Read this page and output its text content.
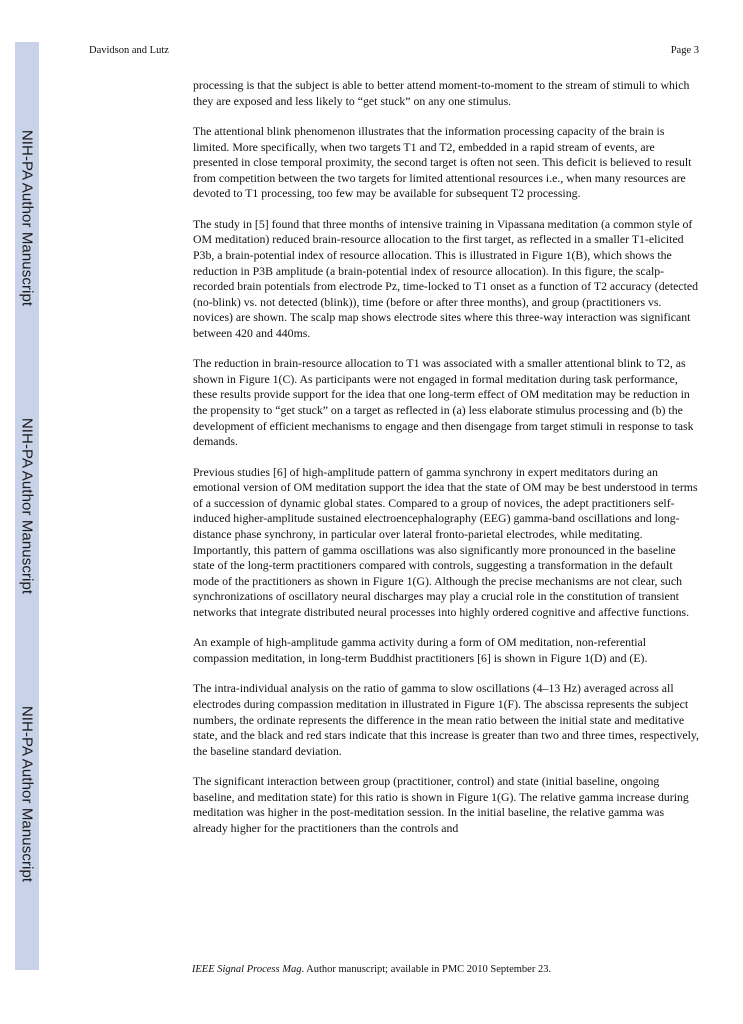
NIH-PA Author Manuscript
NIH-PA Author Manuscript
NIH-PA Author Manuscript
Davidson and Lutz	Page 3

processing is that the subject is able to better attend moment-to-moment to the stream of stimuli to which they are exposed and less likely to “get stuck” on any one stimulus.

The attentional blink phenomenon illustrates that the information processing capacity of the brain is limited. More specifically, when two targets T1 and T2, embedded in a rapid stream of events, are presented in close temporal proximity, the second target is often not seen. This deficit is believed to result from competition between the two targets for limited attentional resources i.e., when many resources are devoted to T1 processing, too few may be available for subsequent T2 processing.

The study in [5] found that three months of intensive training in Vipassana meditation (a common style of OM meditation) reduced brain-resource allocation to the first target, as reflected in a smaller T1-elicited P3b, a brain-potential index of resource allocation. This is illustrated in Figure 1(B), which shows the reduction in P3B amplitude (a brain-potential index of resource allocation). In this figure, the scalp-recorded brain potentials from electrode Pz, time-locked to T1 onset as a function of T2 accuracy (detected (no-blink) vs. not detected (blink)), time (before or after three months), and group (practitioners vs. novices) are shown. The scalp map shows electrode sites where this three-way interaction was significant between 420 and 440ms.

The reduction in brain-resource allocation to T1 was associated with a smaller attentional blink to T2, as shown in Figure 1(C). As participants were not engaged in formal meditation during task performance, these results provide support for the idea that one long-term effect of OM meditation may be reduction in the propensity to “get stuck” on a target as reflected in (a) less elaborate stimulus processing and (b) the development of efficient mechanisms to engage and then disengage from target stimuli in response to task demands.

Previous studies [6] of high-amplitude pattern of gamma synchrony in expert meditators during an emotional version of OM meditation support the idea that the state of OM may be best understood in terms of a succession of dynamic global states. Compared to a group of novices, the adept practitioners self-induced higher-amplitude sustained electroencephalography (EEG) gamma-band oscillations and long-distance phase synchrony, in particular over lateral fronto-parietal electrodes, while meditating. Importantly, this pattern of gamma oscillations was also significantly more pronounced in the baseline state of the long-term practitioners compared with controls, suggesting a transformation in the default mode of the practitioners as shown in Figure 1(G). Although the precise mechanisms are not clear, such synchronizations of oscillatory neural discharges may play a crucial role in the constitution of transient networks that integrate distributed neural processes into highly ordered cognitive and affective functions.

An example of high-amplitude gamma activity during a form of OM meditation, non-referential compassion meditation, in long-term Buddhist practitioners [6] is shown in Figure 1(D) and (E).

The intra-individual analysis on the ratio of gamma to slow oscillations (4–13 Hz) averaged across all electrodes during compassion meditation in illustrated in Figure 1(F). The abscissa represents the subject numbers, the ordinate represents the difference in the mean ratio between the initial state and meditative state, and the black and red stars indicate that this increase is greater than two and three times, respectively, the baseline standard deviation.

The significant interaction between group (practitioner, control) and state (initial baseline, ongoing baseline, and meditation state) for this ratio is shown in Figure 1(G). The relative gamma increase during meditation was higher in the post-meditation session. In the initial baseline, the relative gamma was already higher for the practitioners than the controls and

IEEE Signal Process Mag. Author manuscript; available in PMC 2010 September 23.
